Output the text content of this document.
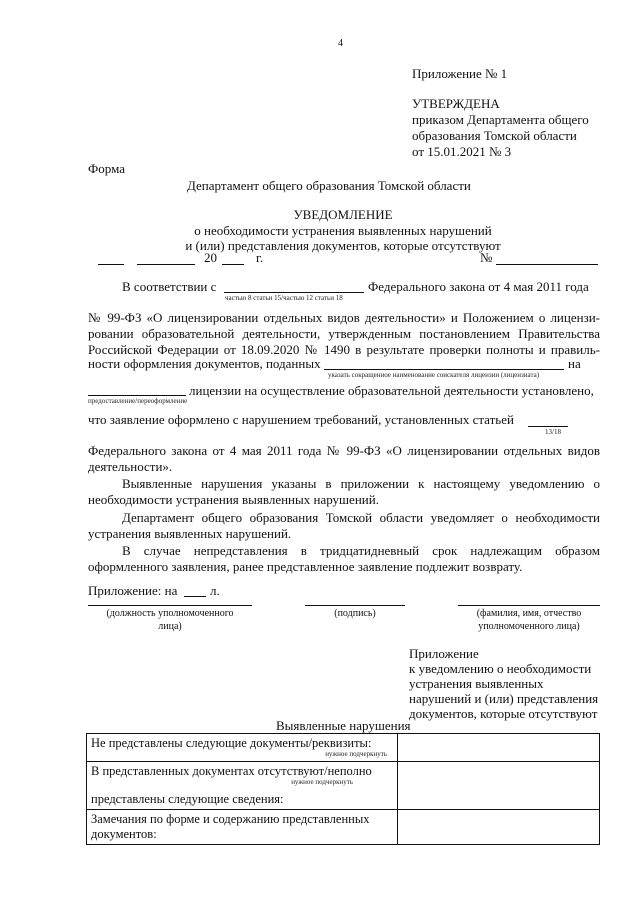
4
Приложение № 1
УТВЕРЖДЕНА
приказом Департамента общего
образования Томской области
от 15.01.2021 № 3
Форма
Департамент общего образования Томской области
УВЕДОМЛЕНИЕ
о необходимости устранения выявленных нарушений
и (или) представления документов, которые отсутствуют
20	г.	№
В соответствии с
частью 8 статьи 15/частью 12 статьи 18
Федерального закона от 4 мая 2011 года
№ 99-ФЗ «О лицензировании отдельных видов деятельности» и Положением о лицензи-
ровании образовательной деятельности, утвержденным постановлением Правительства
Российской Федерации от 18.09.2020 № 1490 в результате проверки полноты и правиль-
ности оформления документов, поданных
указать сокращенное наименование соискателя лицензии (лицензиата)
на
предоставление/переоформление
лицензии на осуществление образовательной деятельности установлено,
что заявление оформлено с нарушением требований, установленных статьей
13/18
Федерального закона от 4 мая 2011 года № 99-ФЗ «О лицензировании отдельных видов
деятельности».
Выявленные нарушения указаны в приложении к настоящему уведомлению о
необходимости устранения выявленных нарушений.
Департамент общего образования Томской области уведомляет о необходимости
устранения выявленных нарушений.
В случае непредставления в тридцатидневный срок надлежащим образом
оформленного заявления, ранее представленное заявление подлежит возврату.
Приложение: на	л.
(должность уполномоченного
лица)
(подпись)	(фамилия, имя, отчество
уполномоченного лица)
Приложение
к уведомлению о необходимости
устранения выявленных
нарушений и (или) представления
документов, которые отсутствуют
Выявленные нарушения
Не представлены следующие документы/реквизиты:
нужное подчеркнуть	

В представленных документах отсутствуют/неполно
нужное подчеркнуть
представлены следующие сведения:	
Замечания по форме и содержанию представленных
документов:	
